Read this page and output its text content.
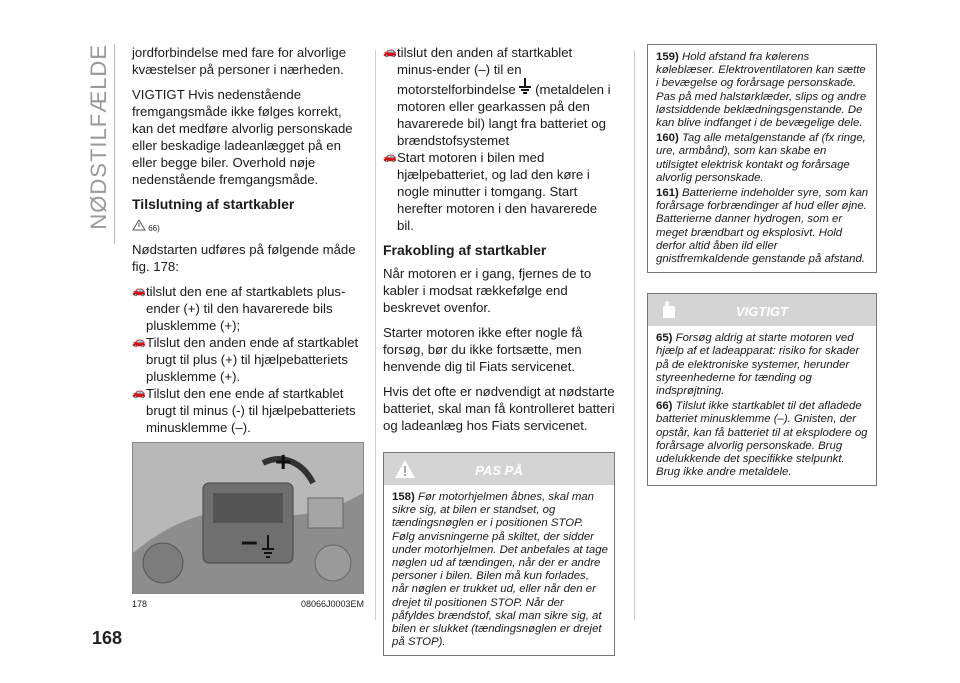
NØDSTILFÆLDE
168

jordforbindelse med fare for alvorlige kvæstelser på personer i nærheden.

VIGTIGT Hvis nedenstående fremgangsmåde ikke følges korrekt, kan det medføre alvorlig personskade eller beskadige ladeanlægget på en eller begge biler. Overhold nøje nedenstående fremgangsmåde.

Tilslutning af startkabler
66)

Nødstarten udføres på følgende måde fig. 178:

🚗 tilslut den ene af startkablets plus-ender (+) til den havarerede bils plusklemme (+);
🚗 Tilslut den anden ende af startkablet brugt til plus (+) til hjælpebatteriets plusklemme (+).
🚗 Tilslut den ene ende af startkablet brugt til minus (-) til hjælpebatteriets minusklemme (–).
+
–
178	08066J0003EM
🚗 tilslut den anden af startkablet minus-ender (–) til en motorstelforbindelse (metaldelen i motoren eller gearkassen på den havarerede bil) langt fra batteriet og brændstofsystemet
🚗 Start motoren i bilen med hjælpebatteriet, og lad den køre i nogle minutter i tomgang. Start herefter motoren i den havarerede bil.
Frakobling af startkabler

Når motoren er i gang, fjernes de to kabler i modsat rækkefølge end beskrevet ovenfor.

Starter motoren ikke efter nogle få forsøg, bør du ikke fortsætte, men henvende dig til Fiats servicenet.

Hvis det ofte er nødvendigt at nødstarte batteriet, skal man få kontrolleret batteri og ladeanlæg hos Fiats servicenet.

PAS PÅ

158) Før motorhjelmen åbnes, skal man sikre sig, at bilen er standset, og tændingsnøglen er i positionen STOP. Følg anvisningerne på skiltet, der sidder under motorhjelmen. Det anbefales at tage nøglen ud af tændingen, når der er andre personer i bilen. Bilen må kun forlades, når nøglen er trukket ud, eller når den er drejet til positionen STOP. Når der påfyldes brændstof, skal man sikre sig, at bilen er slukket (tændingsnøglen er drejet på STOP).

159) Hold afstand fra kølerens køleblæser. Elektroventilatoren kan sætte i bevægelse og forårsage personskade. Pas på med halstørklæder, slips og andre løstsiddende beklædningsgenstande. De kan blive indfanget i de bevægelige dele.

160) Tag alle metalgenstande af (fx ringe, ure, armbånd), som kan skabe en utilsigtet elektrisk kontakt og forårsage alvorlig personskade.

161) Batterierne indeholder syre, som kan forårsage forbrændinger af hud eller øjne. Batterierne danner hydrogen, som er meget brændbart og eksplosivt. Hold derfor altid åben ild eller gnistfremkaldende genstande på afstand.

VIGTIGT

65) Forsøg aldrig at starte motoren ved hjælp af et ladeapparat: risiko for skader på de elektroniske systemer, herunder styreenhederne for tænding og indsprøjtning.

66) Tilslut ikke startkablet til det afladede batteriet minusklemme (–). Gnisten, der opstår, kan få batteriet til at eksplodere og forårsage alvorlig personskade. Brug udelukkende det specifikke stelpunkt. Brug ikke andre metaldele.
